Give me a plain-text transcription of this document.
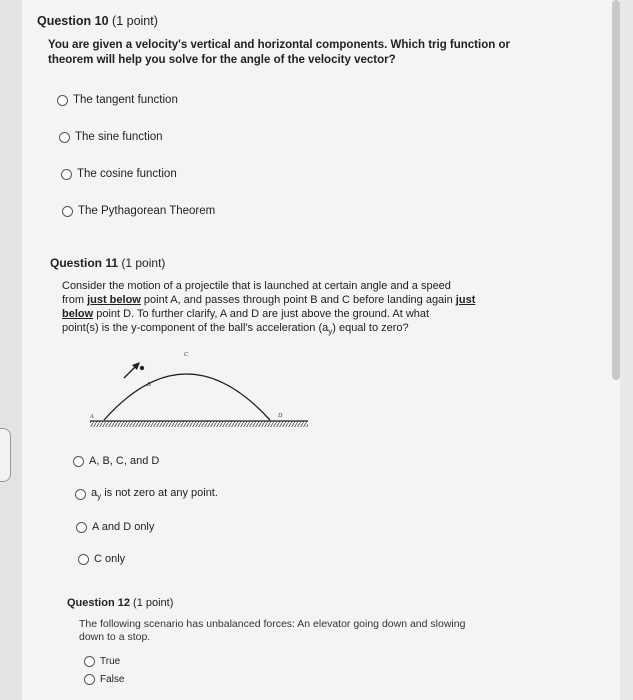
Question 10 (1 point)
You are given a velocity's vertical and horizontal components. Which trig function or
theorem will help you solve for the angle of the velocity vector?
The tangent function
The sine function
The cosine function
The Pythagorean Theorem
Question 11 (1 point)
Consider the motion of a projectile that is launched at certain angle and a speed
from just below point A, and passes through point B and C before landing again just
below point D. To further clarify, A and D are just above the ground. At what
point(s) is the y-component of the ball's acceleration $(a_y)$ equal to zero?
A
B
C
D
A, B, C, and D
$a_y$ is not zero at any point.
A and D only
C only
Question 12 (1 point)
The following scenario has unbalanced forces: An elevator going down and slowing
down to a stop.
True
False
